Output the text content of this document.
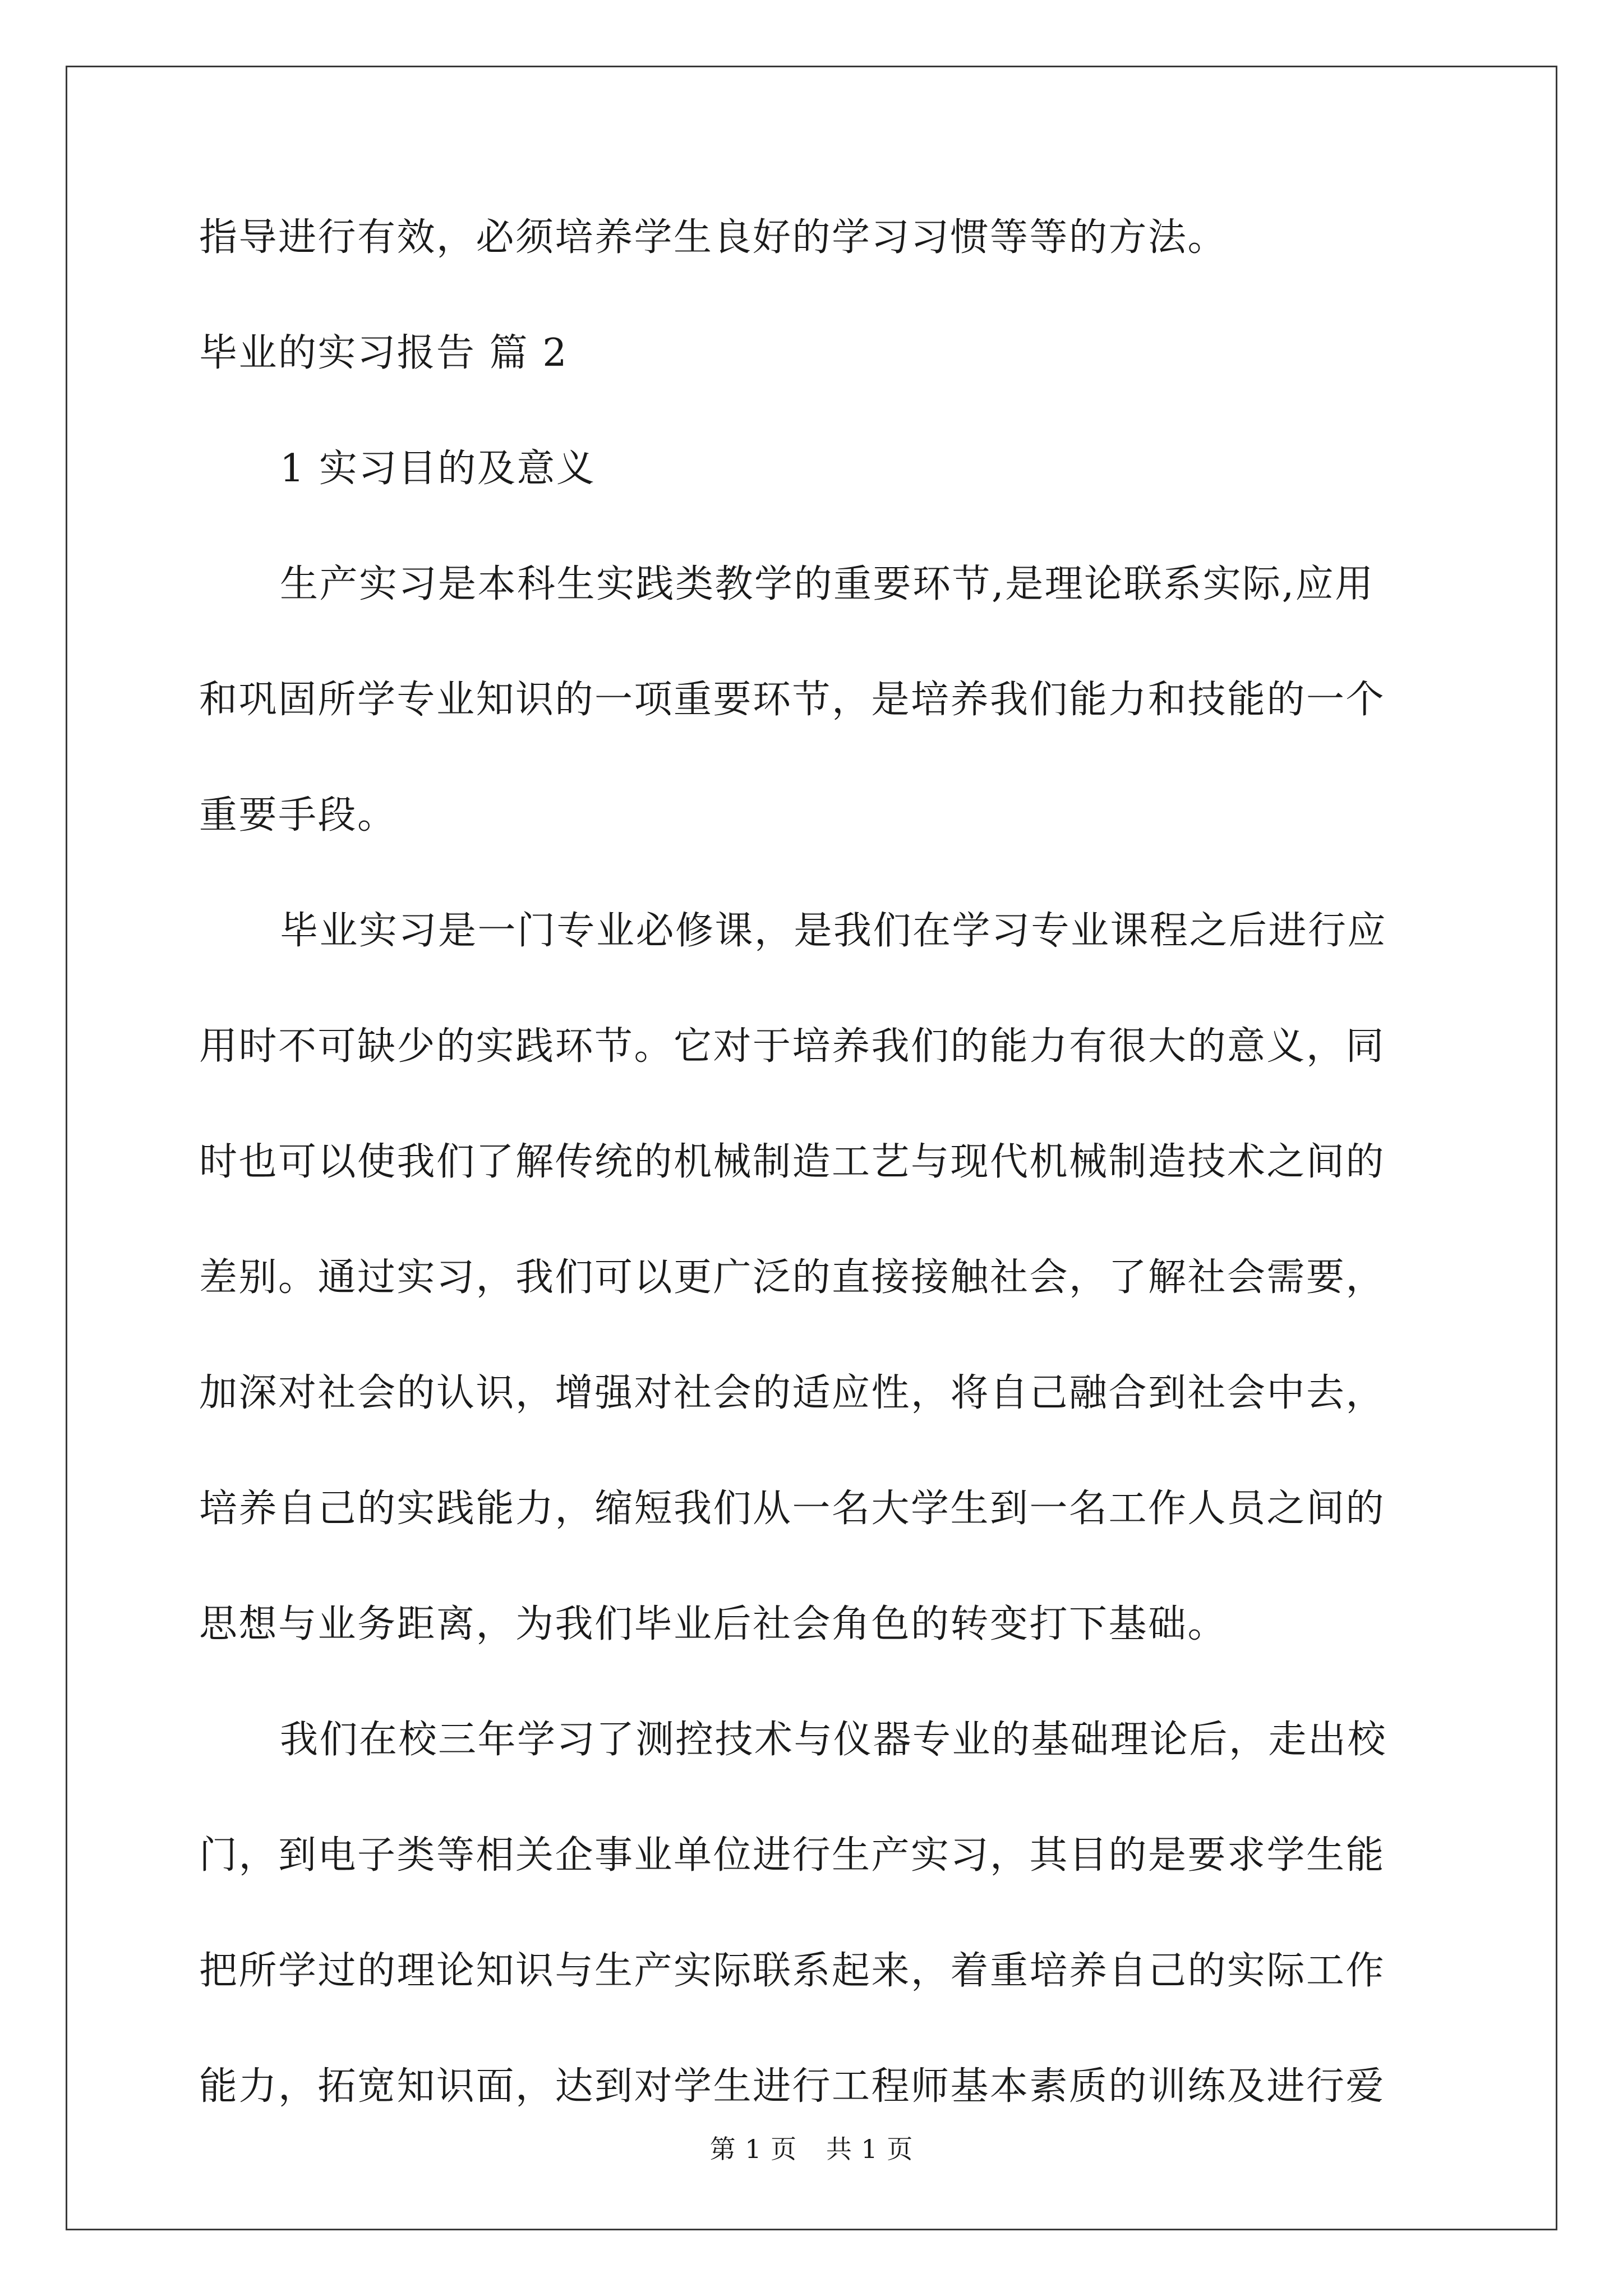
指导进行有效，必须培养学生良好的学习习惯等等的方法。
毕业的实习报告 篇 2
1 实习目的及意义
生产实习是本科生实践类教学的重要环节,是理论联系实际,应用
和巩固所学专业知识的一项重要环节，是培养我们能力和技能的一个
重要手段。
毕业实习是一门专业必修课，是我们在学习专业课程之后进行应
用时不可缺少的实践环节。它对于培养我们的能力有很大的意义，同
时也可以使我们了解传统的机械制造工艺与现代机械制造技术之间的
差别。通过实习，我们可以更广泛的直接接触社会，了解社会需要，
加深对社会的认识，增强对社会的适应性，将自己融合到社会中去，
培养自己的实践能力，缩短我们从一名大学生到一名工作人员之间的
思想与业务距离，为我们毕业后社会角色的转变打下基础。
我们在校三年学习了测控技术与仪器专业的基础理论后，走出校
门，到电子类等相关企事业单位进行生产实习，其目的是要求学生能
把所学过的理论知识与生产实际联系起来，着重培养自己的实际工作
能力，拓宽知识面，达到对学生进行工程师基本素质的训练及进行爱
第 1 页 共 1 页
